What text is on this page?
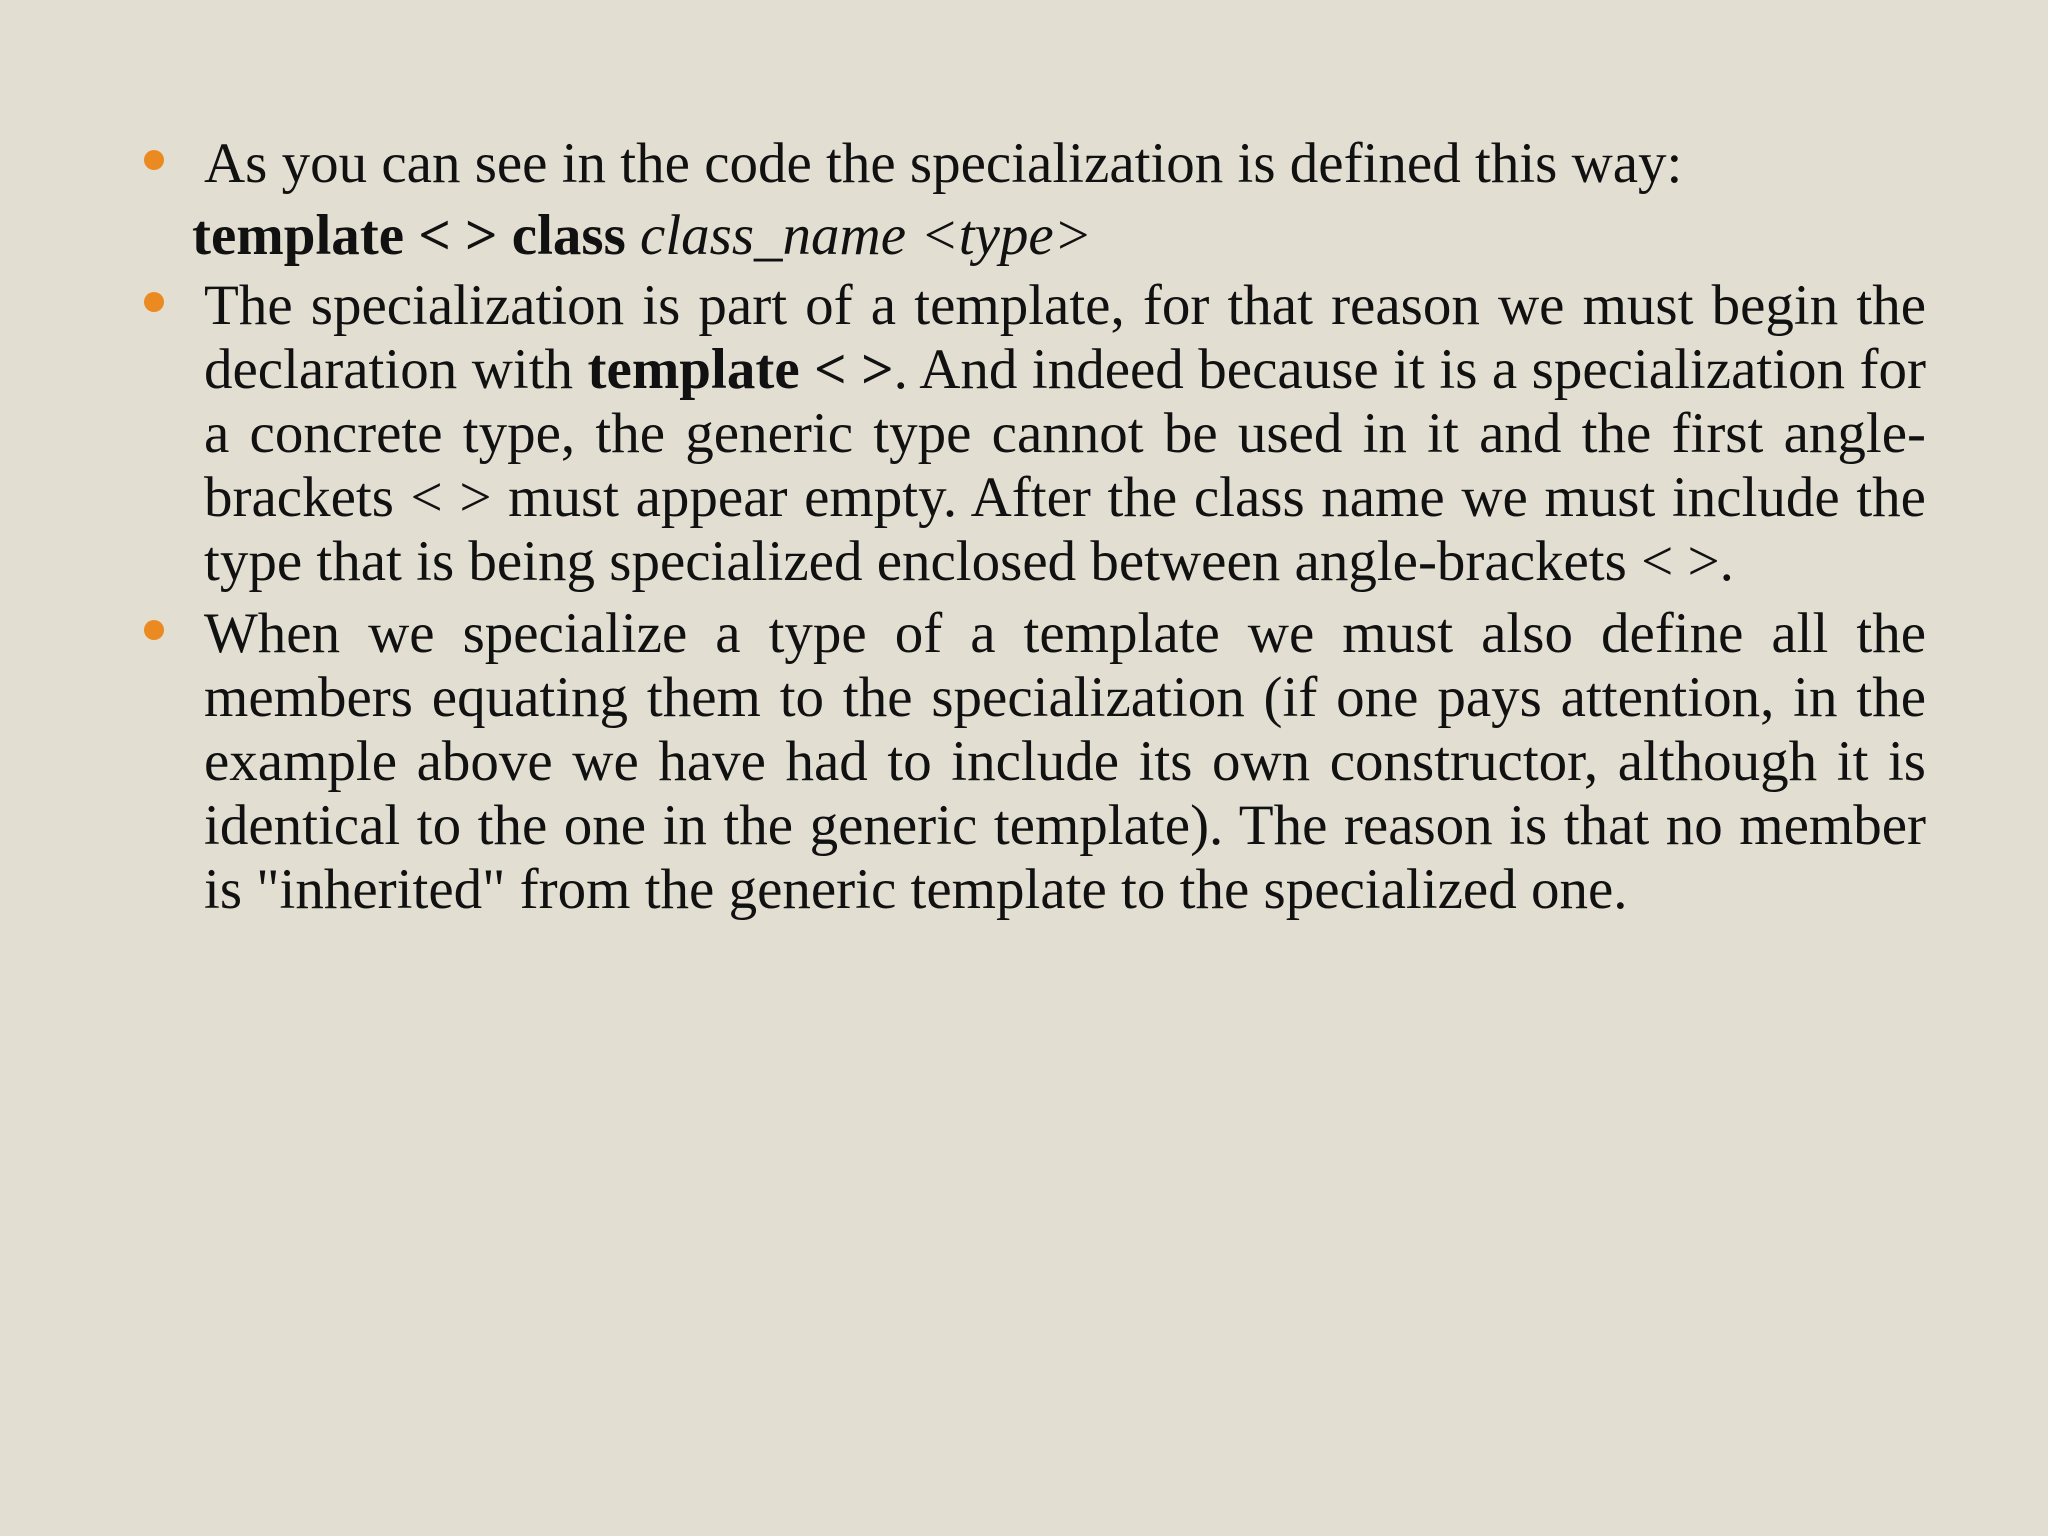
As you can see in the code the specialization is defined this way:
template < > class class_name <type>
The specialization is part of a template, for that reason we must begin the declaration with template < >. And indeed because it is a specialization for a concrete type, the generic type cannot be used in it and the first angle-brackets < > must appear empty. After the class name we must include the type that is being specialized enclosed between angle-brackets < >.
When we specialize a type of a template we must also define all the members equating them to the specialization (if one pays attention, in the example above we have had to include its own constructor, although it is identical to the one in the generic template). The reason is that no member is "inherited" from the generic template to the specialized one.
